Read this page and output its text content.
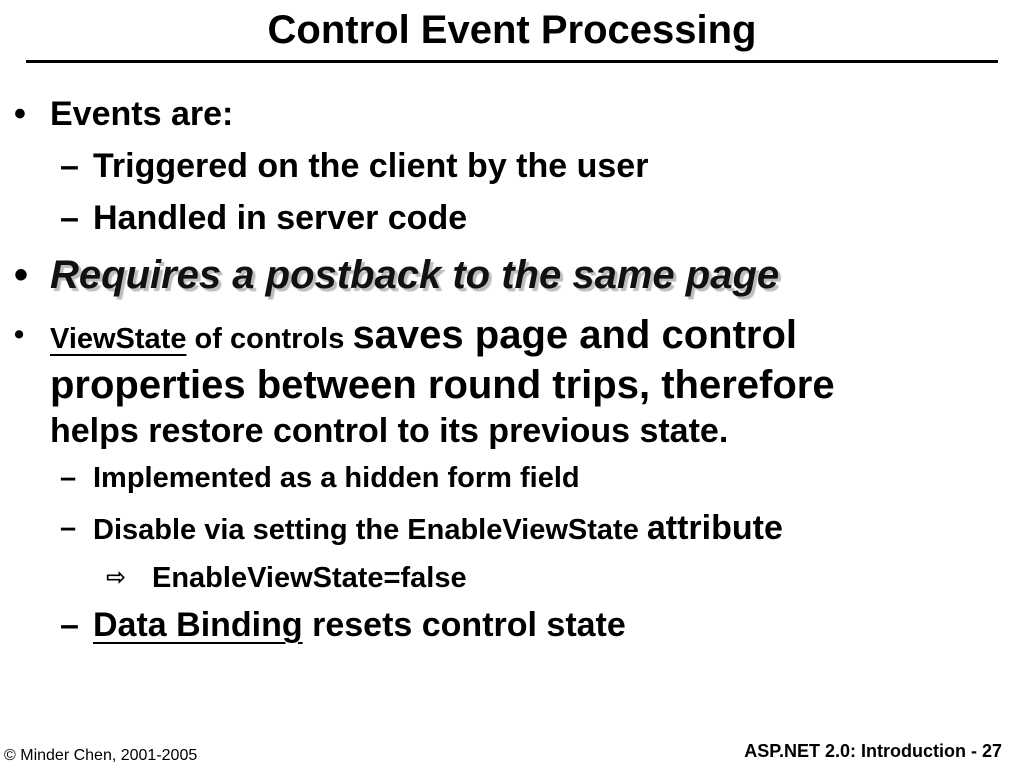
Control Event Processing
• Events are:
– Triggered on the client by the user
– Handled in server code
• Requires a postback to the same page
• ViewState of controls saves page and control
properties between round trips, therefore
helps restore control to its previous state.
– Implemented as a hidden form field
– Disable via setting the EnableViewState attribute
⇨ EnableViewState=false
– Data Binding resets control state
© Minder Chen, 2001-2005	ASP.NET 2.0: Introduction - 27
